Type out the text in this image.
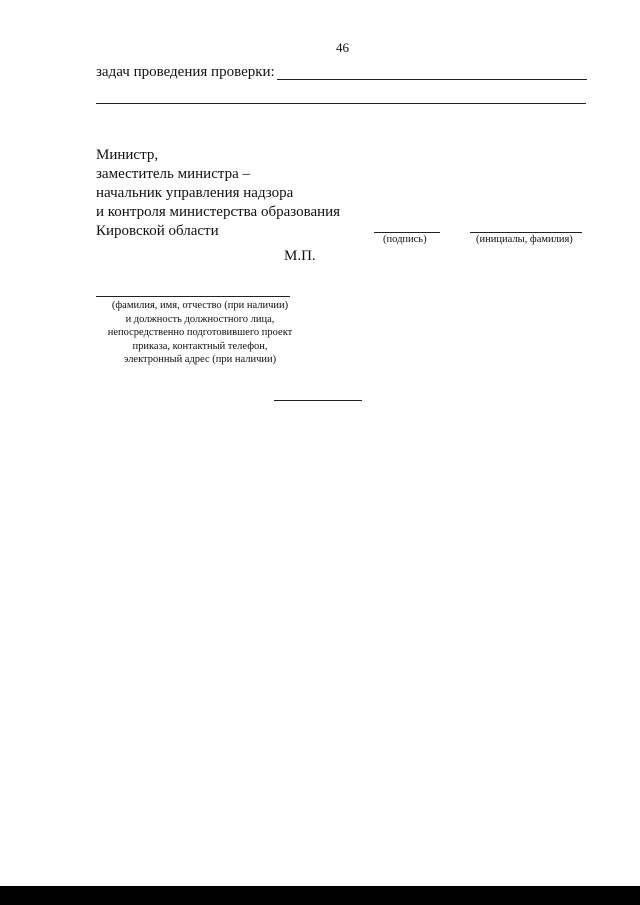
46
задач проведения проверки:
Министр,
заместитель министра –
начальник управления надзора
и контроля министерства образования
Кировской области
(подпись)	(инициалы, фамилия)
М.П.
(фамилия, имя, отчество (при наличии)
и должность должностного лица,
непосредственно подготовившего проект
приказа, контактный телефон,
электронный адрес (при наличии)
